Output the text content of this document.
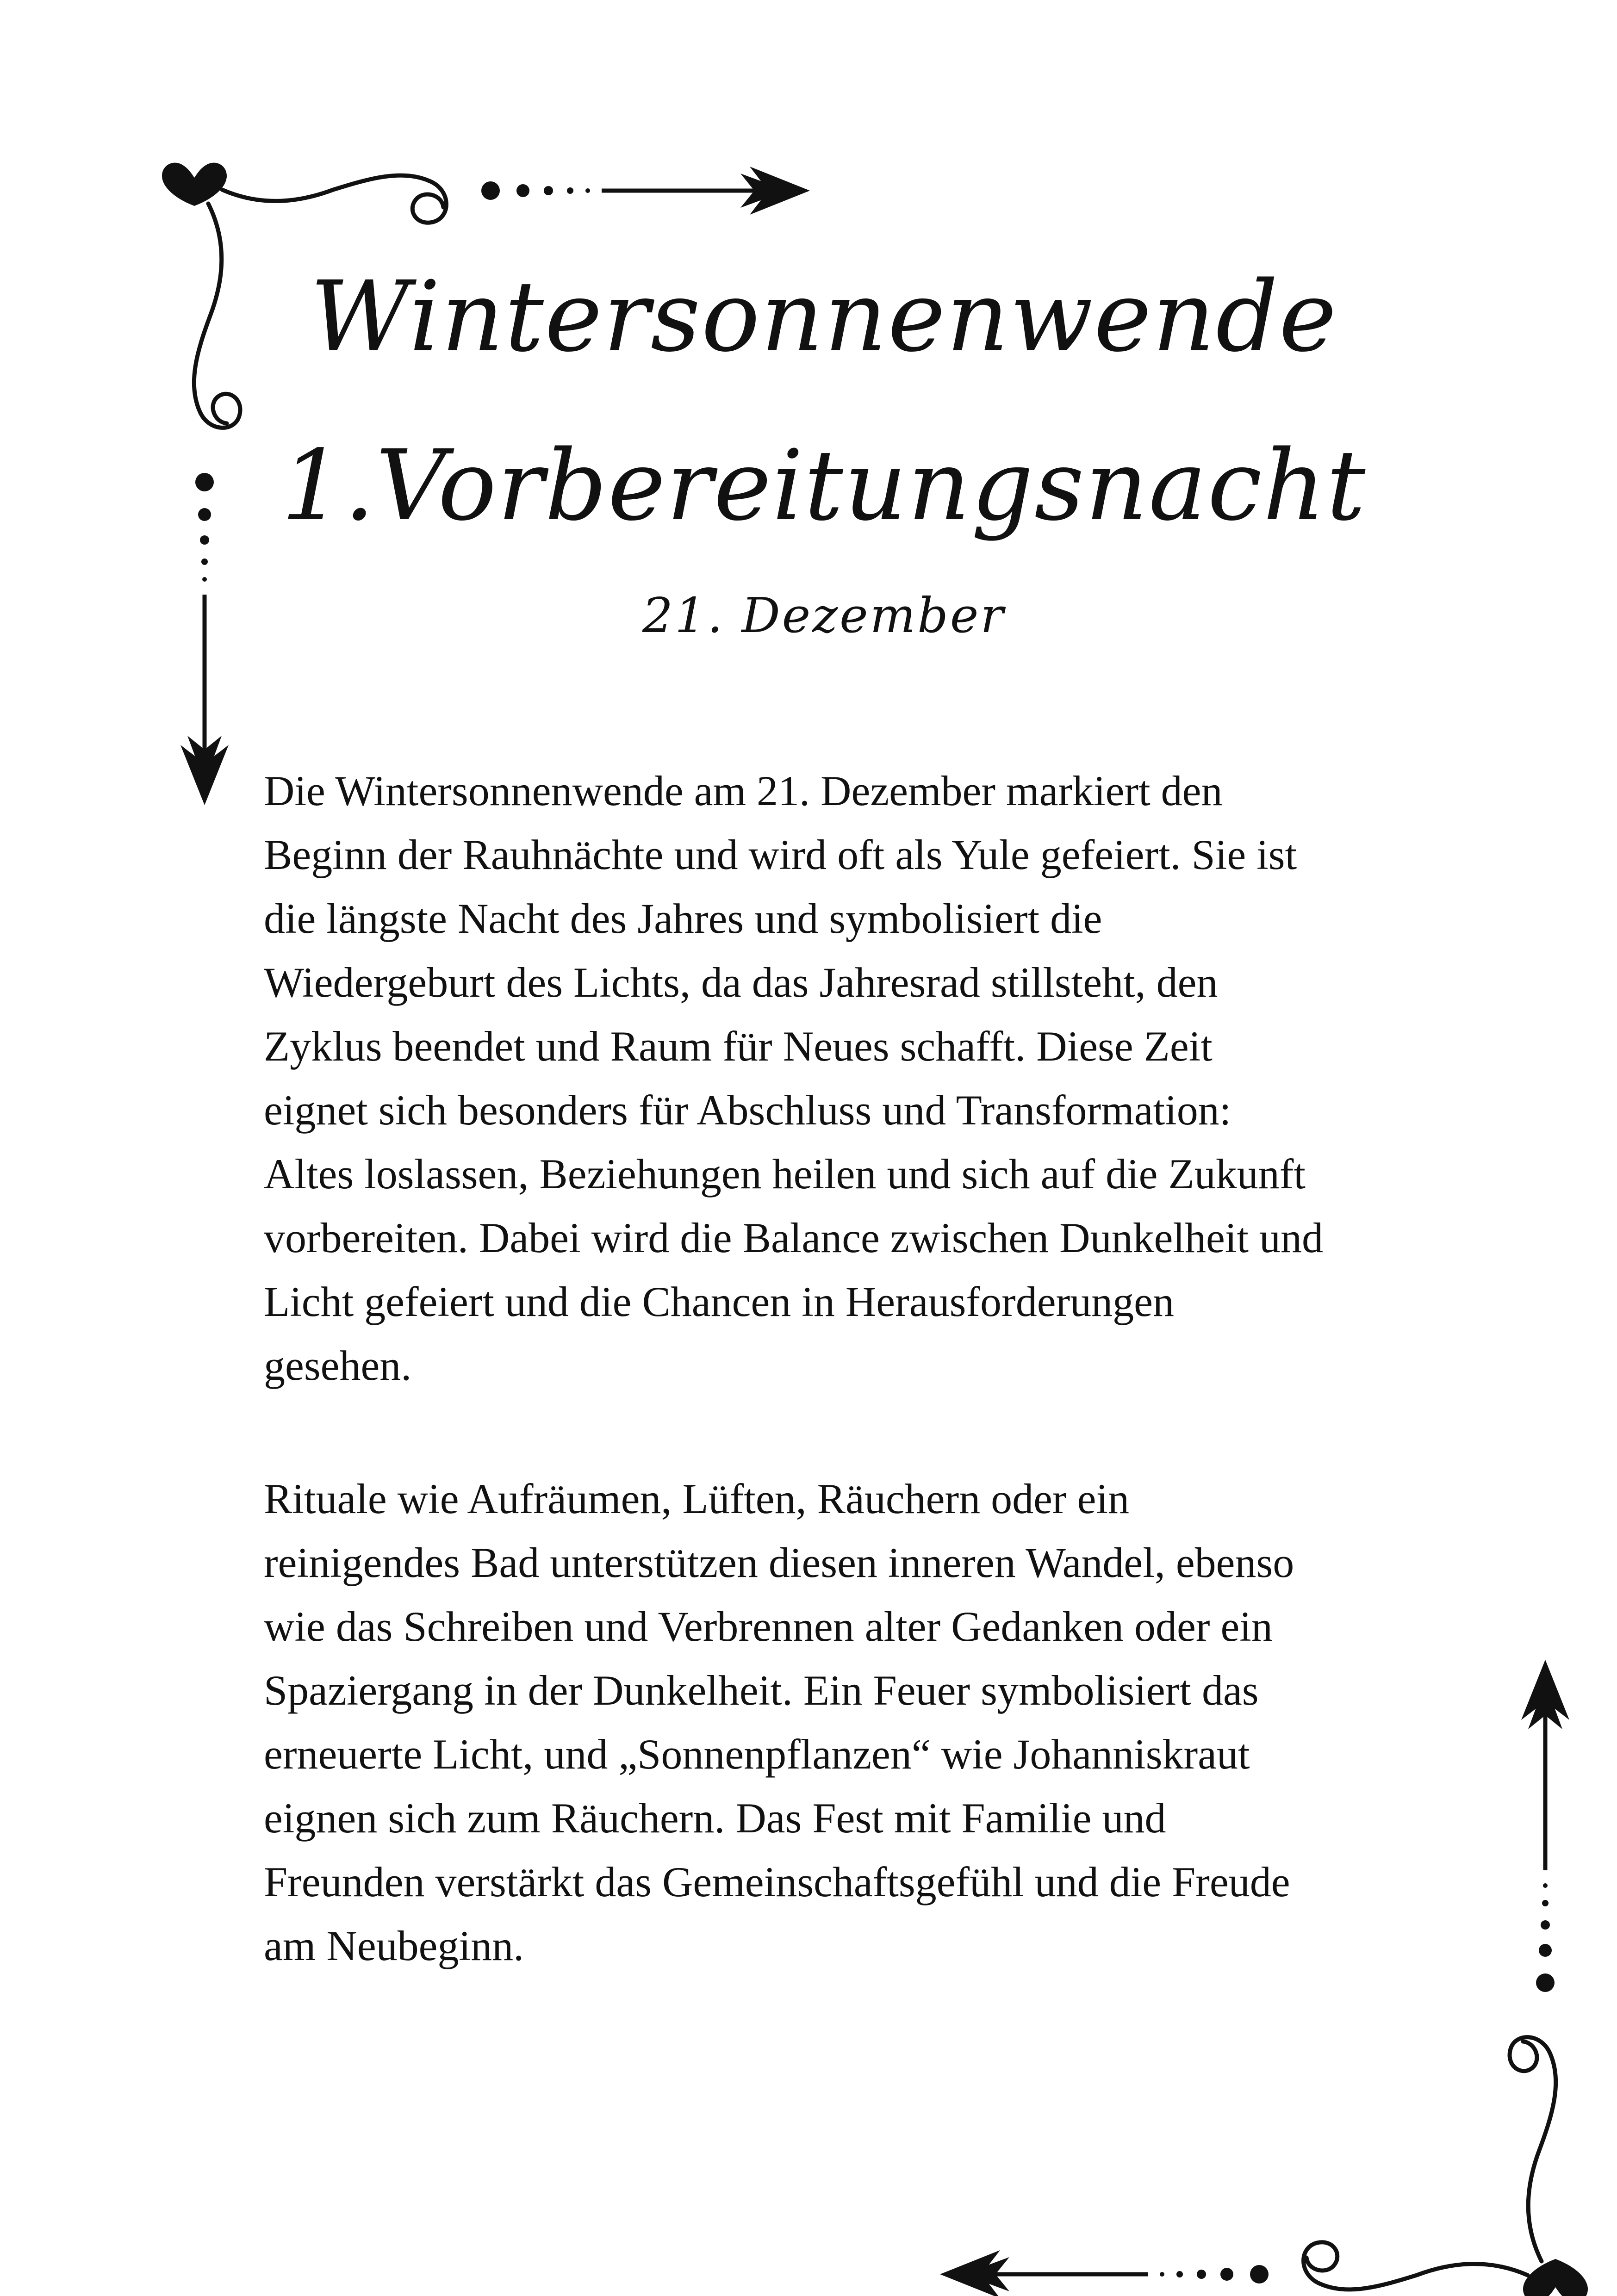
Wintersonnenwende
1.Vorbereitungsnacht
21. Dezember
Die Wintersonnenwende am 21. Dezember markiert den
Beginn der Rauhnächte und wird oft als Yule gefeiert. Sie ist
die längste Nacht des Jahres und symbolisiert die
Wiedergeburt des Lichts, da das Jahresrad stillsteht, den
Zyklus beendet und Raum für Neues schafft. Diese Zeit
eignet sich besonders für Abschluss und Transformation:
Altes loslassen, Beziehungen heilen und sich auf die Zukunft
vorbereiten. Dabei wird die Balance zwischen Dunkelheit und
Licht gefeiert und die Chancen in Herausforderungen
gesehen.
Rituale wie Aufräumen, Lüften, Räuchern oder ein
reinigendes Bad unterstützen diesen inneren Wandel, ebenso
wie das Schreiben und Verbrennen alter Gedanken oder ein
Spaziergang in der Dunkelheit. Ein Feuer symbolisiert das
erneuerte Licht, und „Sonnenpflanzen“ wie Johanniskraut
eignen sich zum Räuchern. Das Fest mit Familie und
Freunden verstärkt das Gemeinschaftsgefühl und die Freude
am Neubeginn.
